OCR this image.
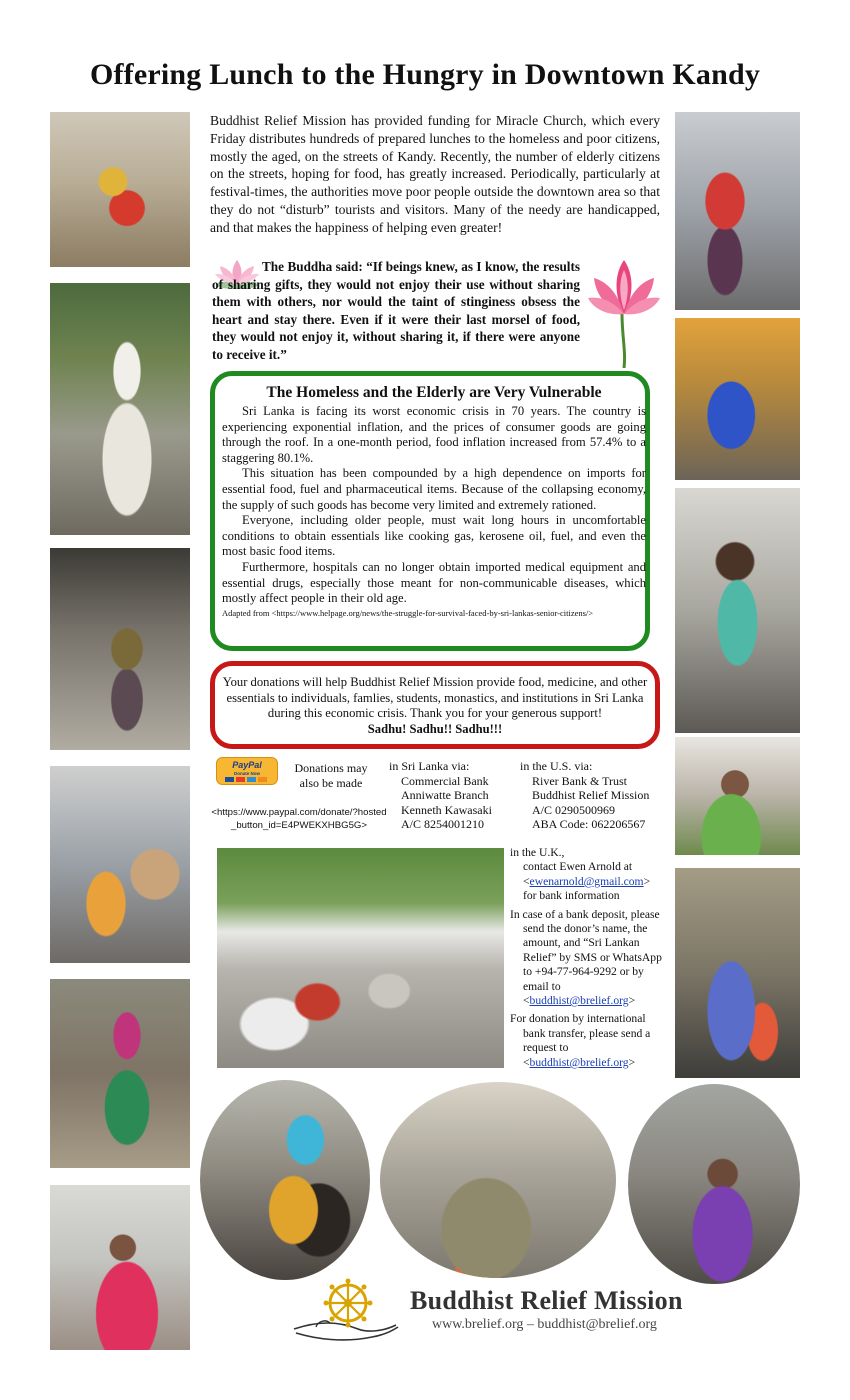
Offering Lunch to the Hungry in Downtown Kandy
Buddhist Relief Mission has provided funding for Miracle Church, which every Friday distributes hundreds of prepared lunches to the homeless and poor citizens, mostly the aged, on the streets of Kandy. Recently, the number of elderly citizens on the streets, hoping for food, has greatly increased. Periodically, particularly at festival-times, the authorities move poor people outside the downtown area so that they do not “disturb” tourists and visitors. Many of the needy are handicapped, and that makes the happiness of helping even greater!
The Buddha said: “If beings knew, as I know, the results of sharing gifts, they would not enjoy their use without sharing them with others, nor would the taint of stinginess obsess the heart and stay there. Even if it were their last morsel of food, they would not enjoy it, without sharing it, if there were anyone to receive it.”
The Homeless and the Elderly are Very Vulnerable

Sri Lanka is facing its worst economic crisis in 70 years. The country is experiencing exponential inflation, and the prices of consumer goods are going through the roof. In a one-month period, food inflation increased from 57.4% to a staggering 80.1%.

This situation has been compounded by a high dependence on imports for essential food, fuel and pharmaceutical items. Because of the collapsing economy, the supply of such goods has become very limited and extremely rationed.

Everyone, including older people, must wait long hours in uncomfortable conditions to obtain essentials like cooking gas, kerosene oil, fuel, and even the most basic food items.

Furthermore, hospitals can no longer obtain imported medical equipment and essential drugs, especially those meant for non-communicable diseases, which mostly affect people in their old age.

Adapted from <https://www.helpage.org/news/the-struggle-for-survival-faced-by-sri-lankas-senior-citizens/>

Your donations will help Buddhist Relief Mission provide food, medicine, and other essentials to individuals, famlies, students, monastics, and institutions in Sri Lanka during this economic crisis. Thank you for your generous support!
Sadhu! Sadhu!! Sadhu!!!
PayPal
Donate Now	Donations may also be made
<https://www.paypal.com/donate/?hosted_button_id=E4PWEKXHBG5G>
in Sri Lanka via:
Commercial Bank
Anniwatte Branch
Kenneth Kawasaki
A/C 8254001210
in the U.S. via:
River Bank & Trust
Buddhist Relief Mission
A/C 0290500969
ABA Code: 062206567

in the U.K.,
contact Ewen Arnold at
<ewenarnold@gmail.com>
for bank information

In case of a bank deposit, please send the donor’s name, the amount, and “Sri Lankan Relief” by SMS or WhatsApp to +94-77-964-9292 or by email to
<buddhist@brelief.org>

For donation by international bank transfer, please send a request to
<buddhist@brelief.org>

Buddhist Relief Mission
www.brelief.org – buddhist@brelief.org
